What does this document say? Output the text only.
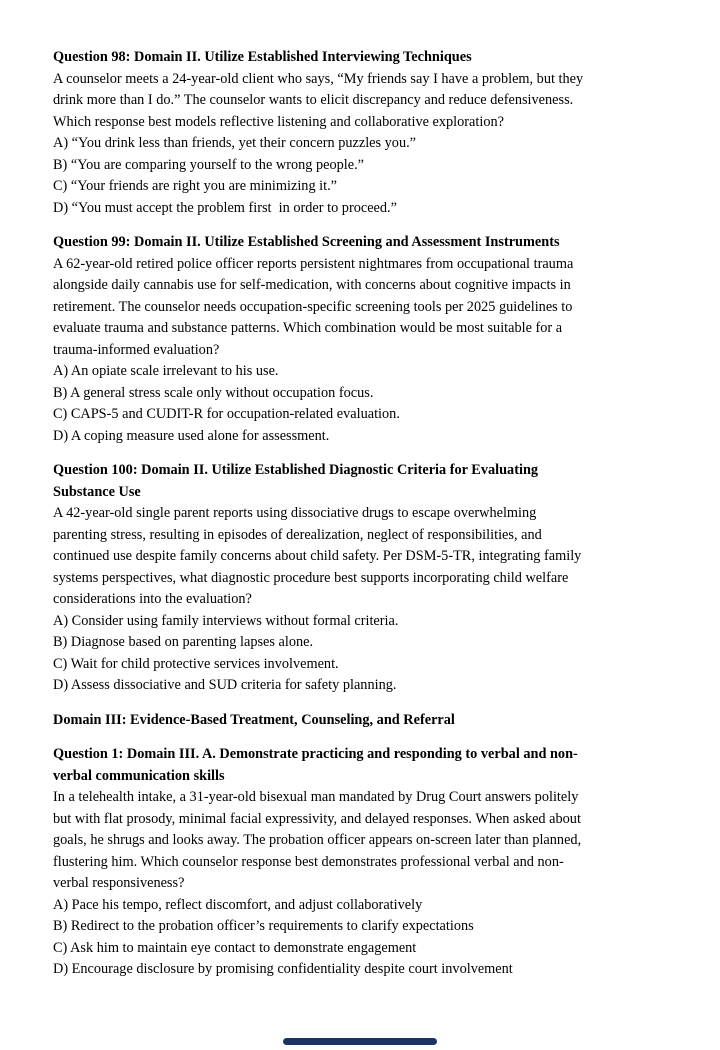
Question 98: Domain II. Utilize Established Interviewing Techniques
A counselor meets a 24-year-old client who says, “My friends say I have a problem, but they
drink more than I do.” The counselor wants to elicit discrepancy and reduce defensiveness.
Which response best models reflective listening and collaborative exploration?
A) “You drink less than friends, yet their concern puzzles you.”
B) “You are comparing yourself to the wrong people.”
C) “Your friends are right you are minimizing it.”
D) “You must accept the problem first  in order to proceed.”
Question 99: Domain II. Utilize Established Screening and Assessment Instruments
A 62-year-old retired police officer reports persistent nightmares from occupational trauma
alongside daily cannabis use for self-medication, with concerns about cognitive impacts in
retirement. The counselor needs occupation-specific screening tools per 2025 guidelines to
evaluate trauma and substance patterns. Which combination would be most suitable for a
trauma-informed evaluation?
A) An opiate scale irrelevant to his use.
B) A general stress scale only without occupation focus.
C) CAPS-5 and CUDIT-R for occupation-related evaluation.
D) A coping measure used alone for assessment.
Question 100: Domain II. Utilize Established Diagnostic Criteria for Evaluating
Substance Use
A 42-year-old single parent reports using dissociative drugs to escape overwhelming
parenting stress, resulting in episodes of derealization, neglect of responsibilities, and
continued use despite family concerns about child safety. Per DSM-5-TR, integrating family
systems perspectives, what diagnostic procedure best supports incorporating child welfare
considerations into the evaluation?
A) Consider using family interviews without formal criteria.
B) Diagnose based on parenting lapses alone.
C) Wait for child protective services involvement.
D) Assess dissociative and SUD criteria for safety planning.
Domain III: Evidence-Based Treatment, Counseling, and Referral
Question 1: Domain III. A. Demonstrate practicing and responding to verbal and non-
verbal communication skills
In a telehealth intake, a 31-year-old bisexual man mandated by Drug Court answers politely
but with flat prosody, minimal facial expressivity, and delayed responses. When asked about
goals, he shrugs and looks away. The probation officer appears on-screen later than planned,
flustering him. Which counselor response best demonstrates professional verbal and non-
verbal responsiveness?
A) Pace his tempo, reflect discomfort, and adjust collaboratively
B) Redirect to the probation officer’s requirements to clarify expectations
C) Ask him to maintain eye contact to demonstrate engagement
D) Encourage disclosure by promising confidentiality despite court involvement
